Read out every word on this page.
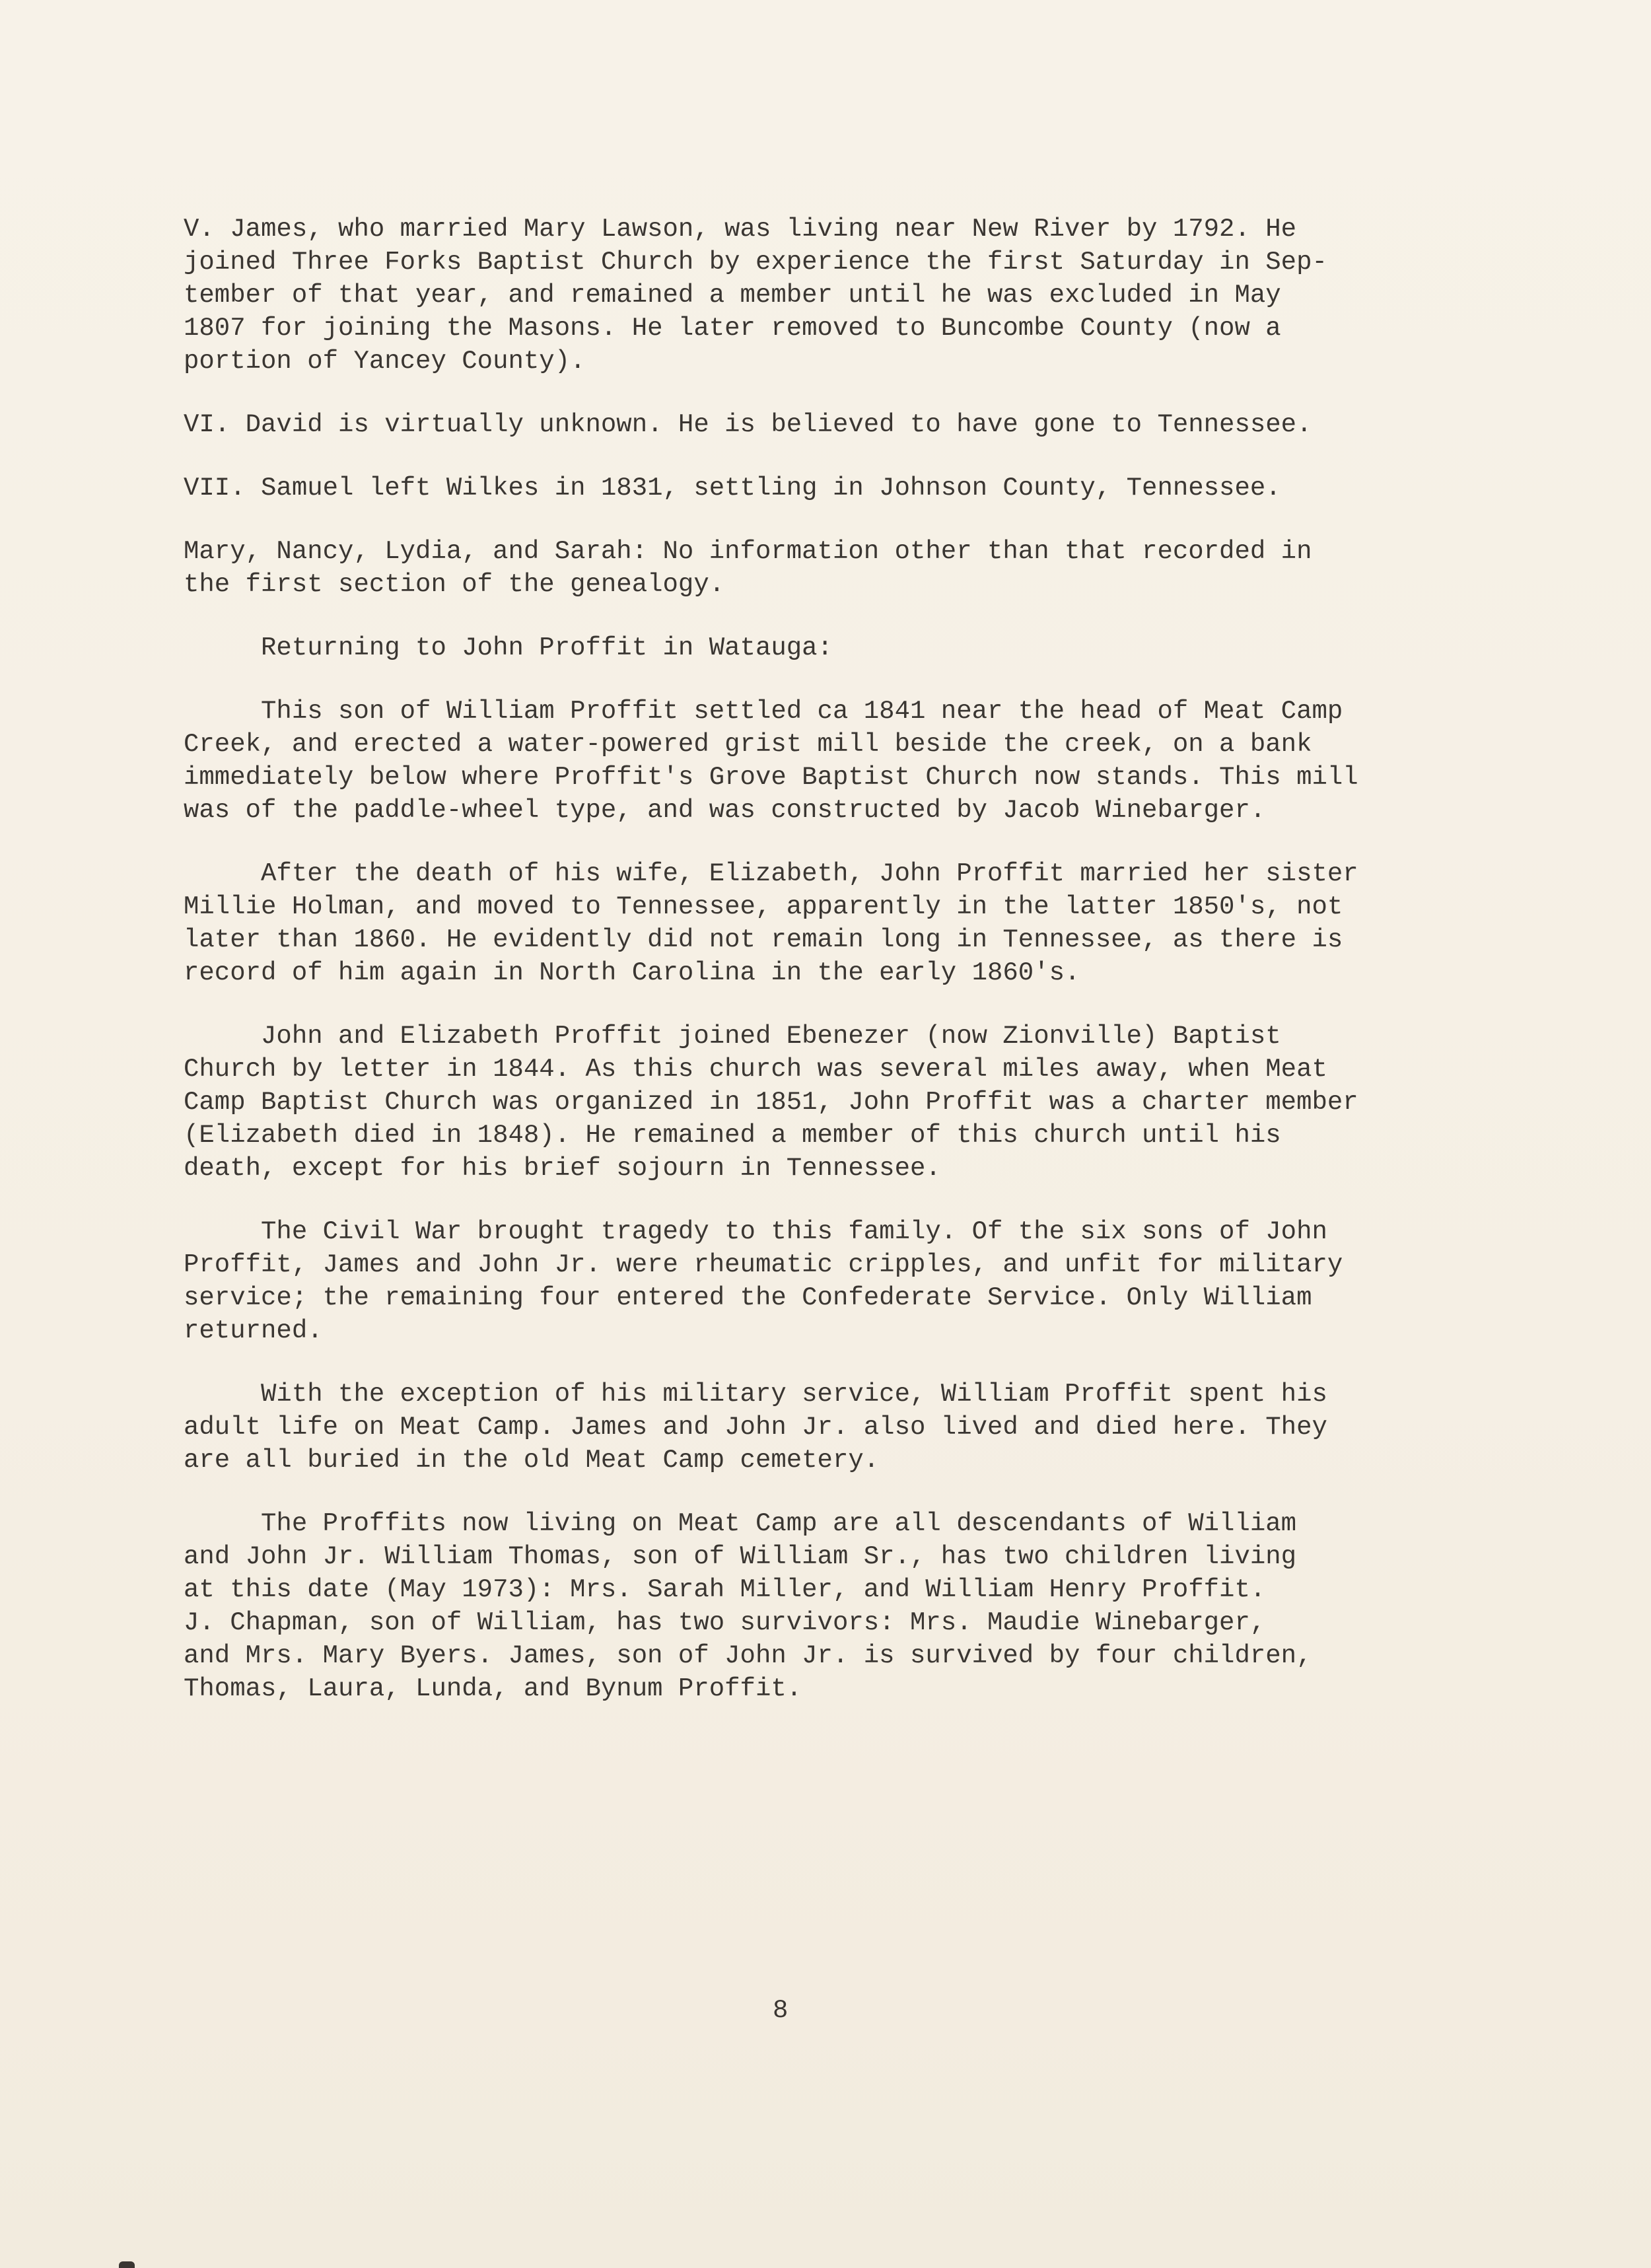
V. James, who married Mary Lawson, was living near New River by 1792. He
joined Three Forks Baptist Church by experience the first Saturday in Sep-
tember of that year, and remained a member until he was excluded in May
1807 for joining the Masons. He later removed to Buncombe County (now a
portion of Yancey County).
VI. David is virtually unknown. He is believed to have gone to Tennessee.
VII. Samuel left Wilkes in 1831, settling in Johnson County, Tennessee.
Mary, Nancy, Lydia, and Sarah: No information other than that recorded in
the first section of the genealogy.
Returning to John Proffit in Watauga:
This son of William Proffit settled ca 1841 near the head of Meat Camp
Creek, and erected a water-powered grist mill beside the creek, on a bank
immediately below where Proffit's Grove Baptist Church now stands. This mill
was of the paddle-wheel type, and was constructed by Jacob Winebarger.
After the death of his wife, Elizabeth, John Proffit married her sister
Millie Holman, and moved to Tennessee, apparently in the latter 1850's, not
later than 1860. He evidently did not remain long in Tennessee, as there is
record of him again in North Carolina in the early 1860's.
John and Elizabeth Proffit joined Ebenezer (now Zionville) Baptist
Church by letter in 1844. As this church was several miles away, when Meat
Camp Baptist Church was organized in 1851, John Proffit was a charter member
(Elizabeth died in 1848). He remained a member of this church until his
death, except for his brief sojourn in Tennessee.
The Civil War brought tragedy to this family. Of the six sons of John
Proffit, James and John Jr. were rheumatic cripples, and unfit for military
service; the remaining four entered the Confederate Service. Only William
returned.
With the exception of his military service, William Proffit spent his
adult life on Meat Camp. James and John Jr. also lived and died here. They
are all buried in the old Meat Camp cemetery.
The Proffits now living on Meat Camp are all descendants of William
and John Jr. William Thomas, son of William Sr., has two children living
at this date (May 1973): Mrs. Sarah Miller, and William Henry Proffit.
J. Chapman, son of William, has two survivors: Mrs. Maudie Winebarger,
and Mrs. Mary Byers. James, son of John Jr. is survived by four children,
Thomas, Laura, Lunda, and Bynum Proffit.
8
